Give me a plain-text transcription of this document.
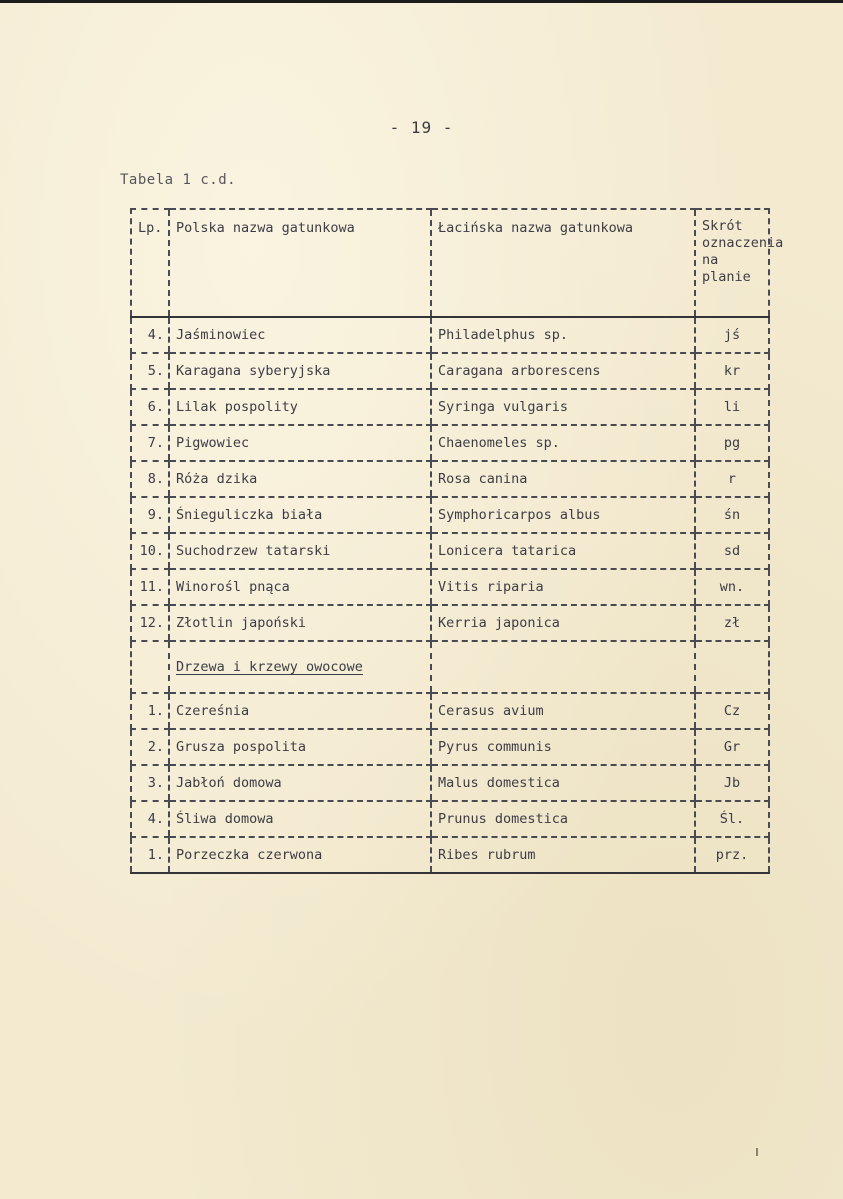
- 19 -
Tabela 1 c.d.
Lp.	Polska nazwa gatunkowa	Łacińska nazwa gatunkowa	Skrót oznaczenia na planie
4.	Jaśminowiec	Philadelphus sp.	jś
5.	Karagana syberyjska	Caragana arborescens	kr
6.	Lilak pospolity	Syringa vulgaris	li
7.	Pigwowiec	Chaenomeles sp.	pg
8.	Róża dzika	Rosa canina	r
9.	Śnieguliczka biała	Symphoricarpos albus	śn
10.	Suchodrzew tatarski	Lonicera tatarica	sd
11.	Winorośl pnąca	Vitis riparia	wn.
12.	Złotlin japoński	Kerria japonica	zł
	Drzewa i krzewy owocowe		
1.	Czereśnia	Cerasus avium	Cz
2.	Grusza pospolita	Pyrus communis	Gr
3.	Jabłoń domowa	Malus domestica	Jb
4.	Śliwa domowa	Prunus domestica	Śl.
1.	Porzeczka czerwona	Ribes rubrum	prz.
